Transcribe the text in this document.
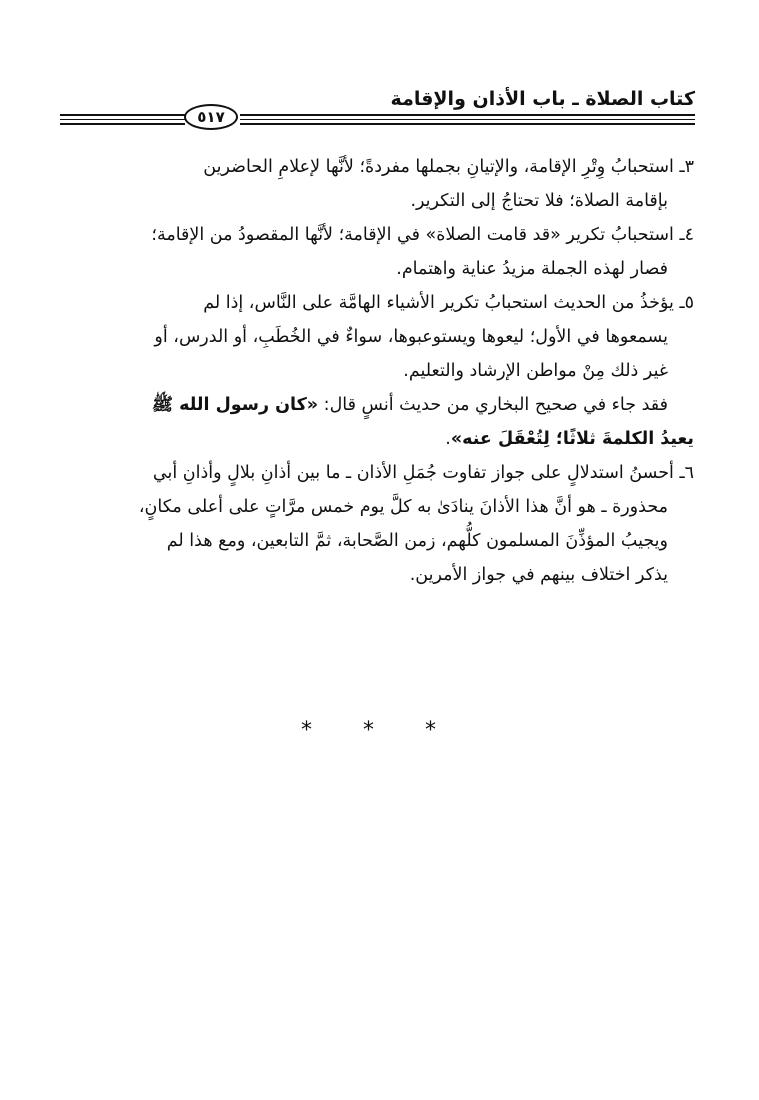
كتاب الصلاة ـ باب الأذان والإقامة
٥١٧
٣ـ استحبابُ وِتْرِ الإقامة، والإتيانِ بجملها مفردةً؛ لأنَّها لإعلامِ الحاضرين
بإقامة الصلاة؛ فلا تحتاجُ إلى التكرير.
٤ـ استحبابُ تكرير «قد قامت الصلاة» في الإقامة؛ لأنَّها المقصودُ من الإقامة؛
فصار لهذه الجملة مزيدُ عناية واهتمام.
٥ـ يؤخذُ من الحديث استحبابُ تكرير الأشياء الهامَّة على النَّاس، إذا لم
يسمعوها في الأول؛ ليعوها ويستوعبوها، سواءٌ في الخُطَبِ، أو الدرس، أو
غير ذلك مِنْ مواطن الإرشاد والتعليم.
فقد جاء في صحيح البخاري من حديث أنسٍ قال: «كان رسول الله ﷺ
يعيدُ الكلمةَ ثلاثًا؛ لِتُعْقَلَ عنه».
٦ـ أحسنُ استدلالٍ على جواز تفاوت جُمَلِ الأذان ـ ما بين أذانِ بلالٍ وأذانِ أبي
محذورة ـ هو أنَّ هذا الأذانَ ينادَىٰ به كلَّ يوم خمس مرَّاتٍ على أعلى مكانٍ،
ويجيبُ المؤذِّنَ المسلمون كلُّهم، زمن الصَّحابة، ثمَّ التابعين، ومع هذا لم
يذكر اختلاف بينهم في جواز الأمرين.
* * *
